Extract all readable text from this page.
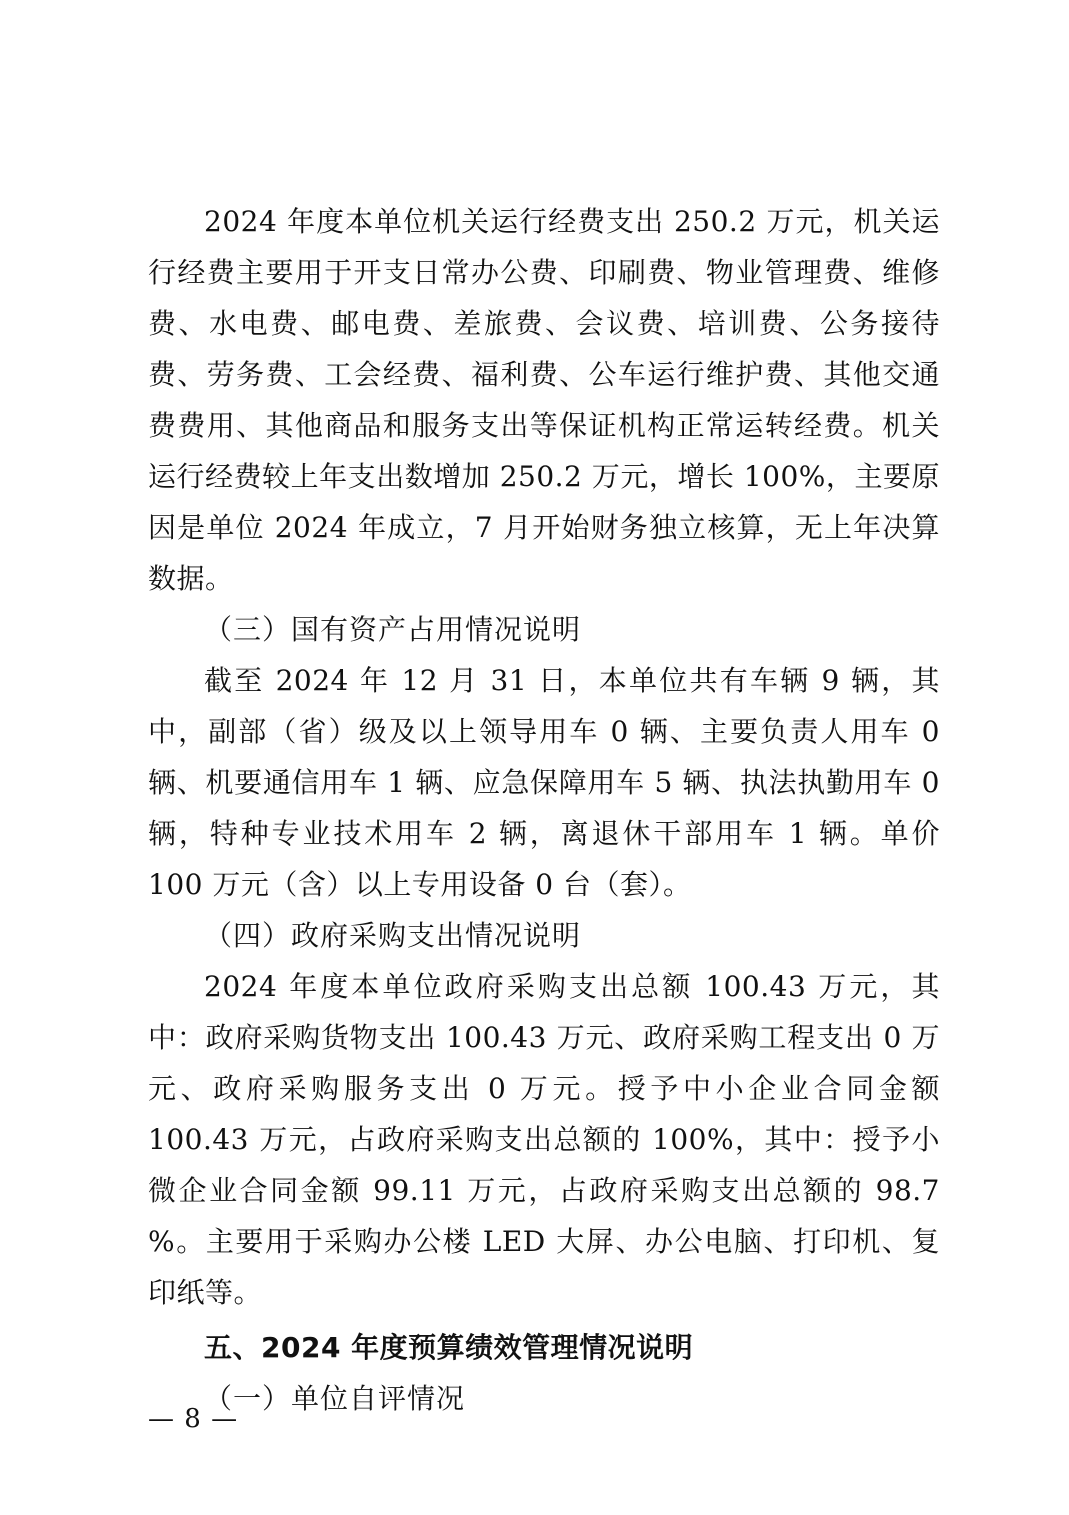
2024 年度本单位机关运行经费支出 250.2 万元，机关运行经费主要用于开支日常办公费、印刷费、物业管理费、维修费、水电费、邮电费、差旅费、会议费、培训费、公务接待费、劳务费、工会经费、福利费、公车运行维护费、其他交通费费用、其他商品和服务支出等保证机构正常运转经费。机关运行经费较上年支出数增加 250.2 万元，增长 100%，主要原因是单位 2024 年成立，7 月开始财务独立核算，无上年决算数据。

（三）国有资产占用情况说明

截至 2024 年 12 月 31 日，本单位共有车辆 9 辆，其中，副部（省）级及以上领导用车 0 辆、主要负责人用车 0 辆、机要通信用车 1 辆、应急保障用车 5 辆、执法执勤用车 0 辆，特种专业技术用车 2 辆，离退休干部用车 1 辆。单价 100 万元（含）以上专用设备 0 台（套）。

（四）政府采购支出情况说明

2024 年度本单位政府采购支出总额 100.43 万元，其中：政府采购货物支出 100.43 万元、政府采购工程支出 0 万元、政府采购服务支出 0 万元。授予中小企业合同金额 100.43 万元，占政府采购支出总额的 100%，其中：授予小微企业合同金额 99.11 万元，占政府采购支出总额的 98.7 %。主要用于采购办公楼 LED 大屏、办公电脑、打印机、复印纸等。

五、2024 年度预算绩效管理情况说明

（一）单位自评情况

— 8 —
